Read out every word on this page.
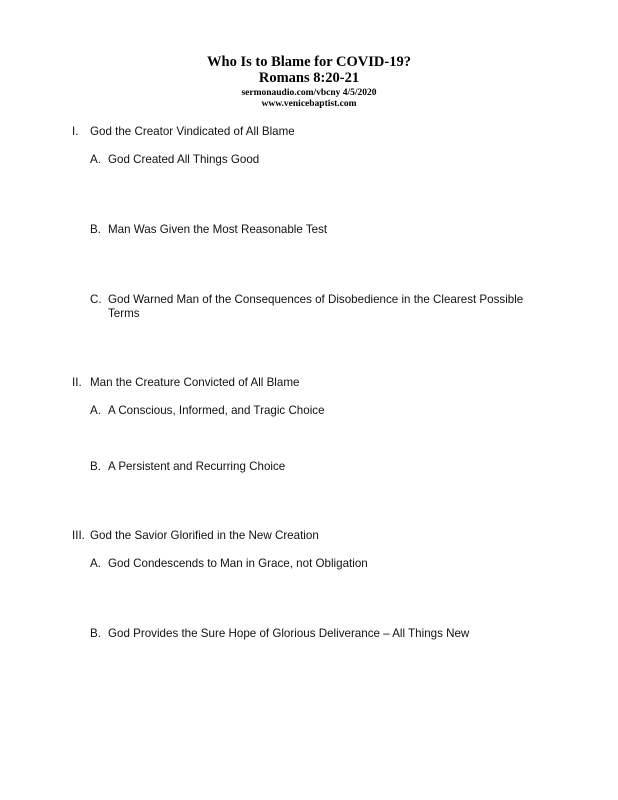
Who Is to Blame for COVID-19?
Romans 8:20-21
sermonaudio.com/vbcny 4/5/2020
www.venicebaptist.com
I. God the Creator Vindicated of All Blame
A. God Created All Things Good
B. Man Was Given the Most Reasonable Test
C. God Warned Man of the Consequences of Disobedience in the Clearest Possible
Terms
II. Man the Creature Convicted of All Blame
A. A Conscious, Informed, and Tragic Choice
B. A Persistent and Recurring Choice
III. God the Savior Glorified in the New Creation
A. God Condescends to Man in Grace, not Obligation
B. God Provides the Sure Hope of Glorious Deliverance – All Things New
